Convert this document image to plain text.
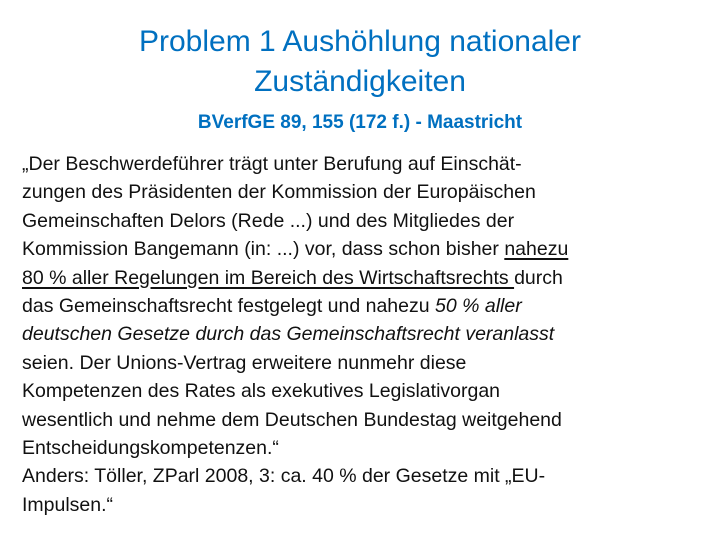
Problem 1 Aushöhlung nationaler
Zuständigkeiten
BVerfGE 89, 155 (172 f.) - Maastricht
„Der Beschwerdeführer trägt unter Berufung auf Einschät-
zungen des Präsidenten der Kommission der Europäischen
Gemeinschaften Delors (Rede ...) und des Mitgliedes der
Kommission Bangemann (in: ...) vor, dass schon bisher nahezu
80 % aller Regelungen im Bereich des Wirtschaftsrechts durch
das Gemeinschaftsrecht festgelegt und nahezu 50 % aller
deutschen Gesetze durch das Gemeinschaftsrecht veranlasst
seien. Der Unions-Vertrag erweitere nunmehr diese
Kompetenzen des Rates als exekutives Legislativorgan
wesentlich und nehme dem Deutschen Bundestag weitgehend
Entscheidungskompetenzen.“
Anders: Töller, ZParl 2008, 3: ca. 40 % der Gesetze mit „EU-
Impulsen.“
